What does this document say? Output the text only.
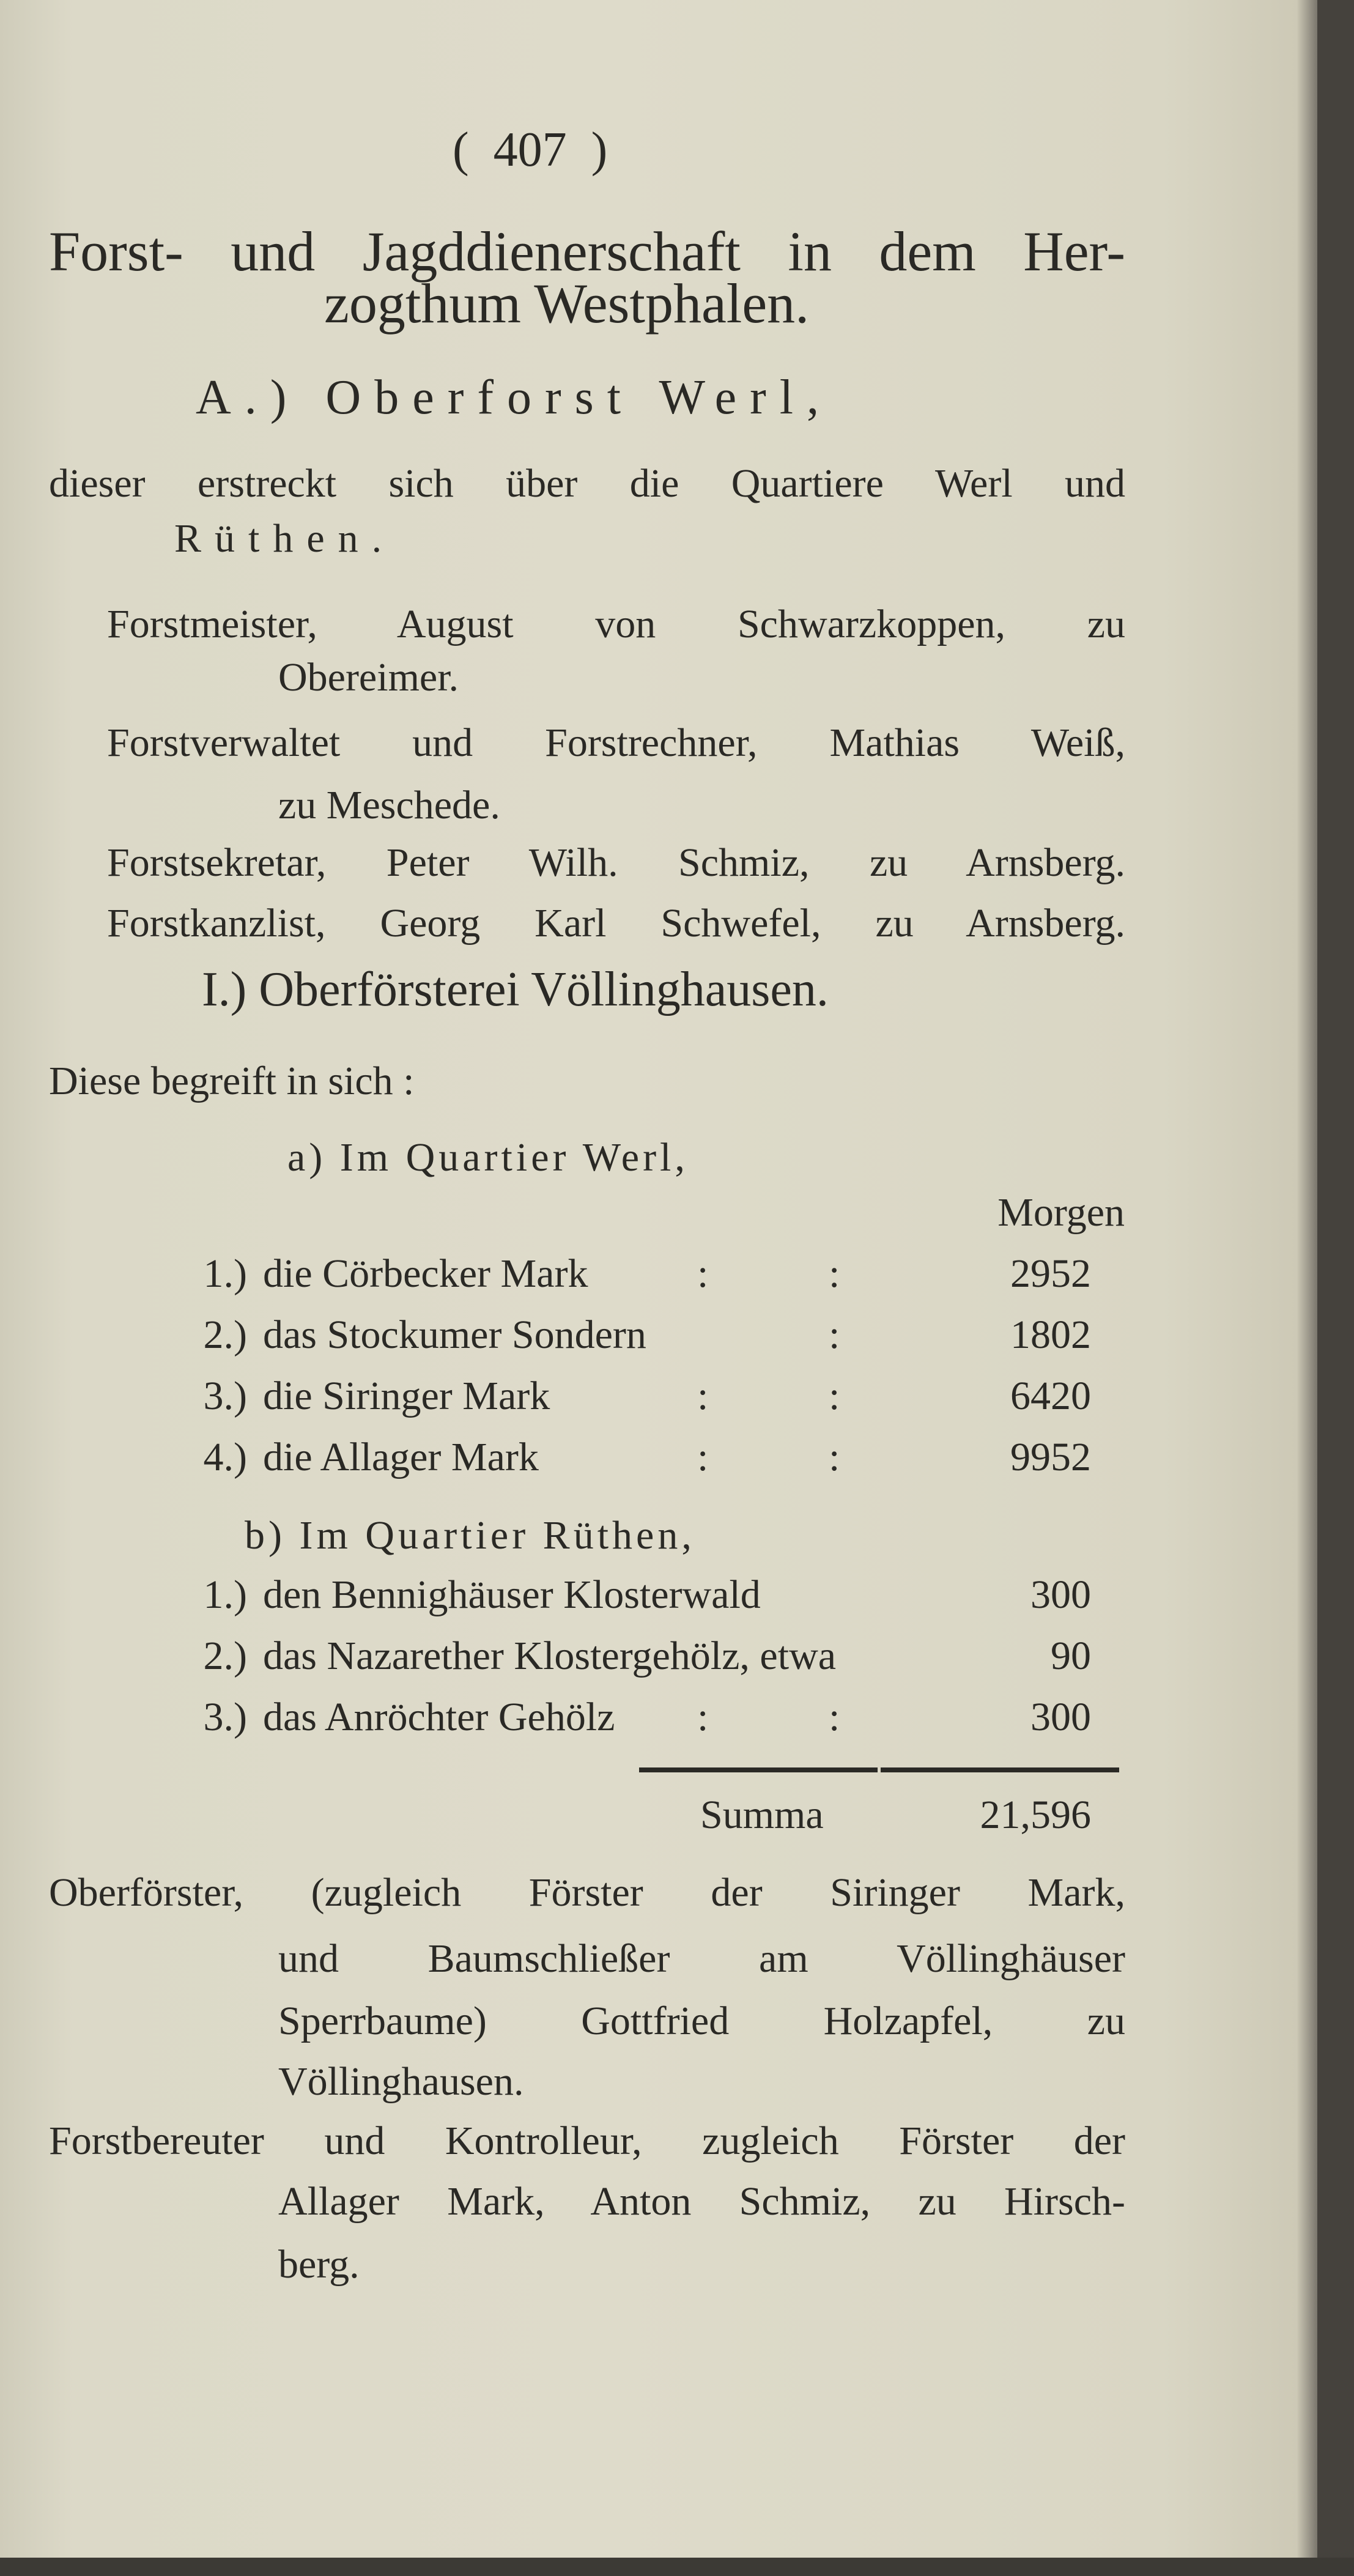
( 407 )
Forst- und Jagddienerschaft in dem Her-
zogthum Westphalen.
A.) Oberforst Werl,
dieser erstreckt sich über die Quartiere Werl und
Rüthen.
Forstmeister, August von Schwarzkoppen, zu
Obereimer.
Forstverwaltet und Forstrechner, Mathias Weiß,
zu Meschede.
Forstsekretar, Peter Wilh. Schmiz, zu Arnsberg.
Forstkanzlist, Georg Karl Schwefel, zu Arnsberg.
I.) Oberförsterei Völlinghausen.
Diese begreift in sich :
a) Im Quartier Werl,
Morgen
1.) die Cörbecker Mark	:	:	2952
2.) das Stockumer Sondern	:	1802
3.) die Siringer Mark	:	:	6420
4.) die Allager Mark	:	:	9952
b) Im Quartier Rüthen,
1.) den Bennighäuser Klosterwald	300
2.) das Nazarether Klostergehölz, etwa	90
3.) das Anröchter Gehölz :	:	300
Summa	21,596
Oberförster, (zugleich Förster der Siringer Mark,
und Baumschließer am Völlinghäuser
Sperrbaume) Gottfried Holzapfel, zu
Völlinghausen.
Forstbereuter und Kontrolleur, zugleich Förster der
Allager Mark, Anton Schmiz, zu Hirsch-
berg.
